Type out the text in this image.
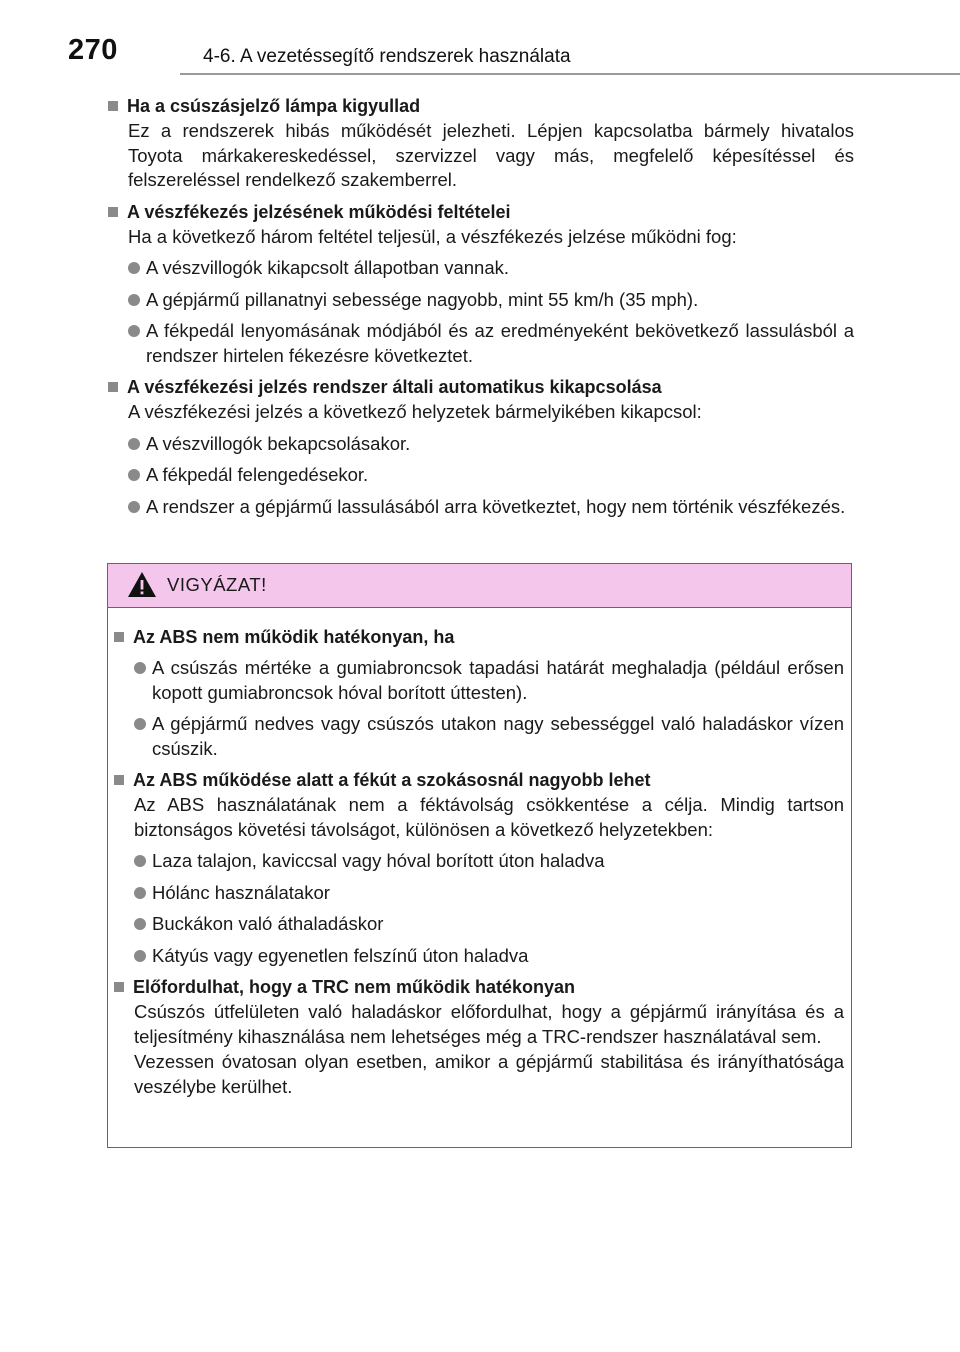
270	4-6. A vezetéssegítő rendszerek használata
Ha a csúszásjelző lámpa kigyullad
Ez a rendszerek hibás működését jelezheti. Lépjen kapcsolatba bármely hivatalos Toyota márkakereskedéssel, szervizzel vagy más, megfelelő képesítéssel és felszereléssel rendelkező szakemberrel.
A vészfékezés jelzésének működési feltételei
Ha a következő három feltétel teljesül, a vészfékezés jelzése működni fog:
A vészvillogók kikapcsolt állapotban vannak.
A gépjármű pillanatnyi sebessége nagyobb, mint 55 km/h (35 mph).
A fékpedál lenyomásának módjából és az eredményeként bekövetkező lassulásból a rendszer hirtelen fékezésre következtet.
A vészfékezési jelzés rendszer általi automatikus kikapcsolása
A vészfékezési jelzés a következő helyzetek bármelyikében kikapcsol:
A vészvillogók bekapcsolásakor.
A fékpedál felengedésekor.
A rendszer a gépjármű lassulásából arra következtet, hogy nem történik vészfékezés.
VIGYÁZAT!
Az ABS nem működik hatékonyan, ha
A csúszás mértéke a gumiabroncsok tapadási határát meghaladja (például erősen kopott gumiabroncsok hóval borított úttesten).
A gépjármű nedves vagy csúszós utakon nagy sebességgel való haladáskor vízen csúszik.
Az ABS működése alatt a fékút a szokásosnál nagyobb lehet
Az ABS használatának nem a féktávolság csökkentése a célja. Mindig tartson biztonságos követési távolságot, különösen a következő helyzetekben:
Laza talajon, kaviccsal vagy hóval borított úton haladva
Hólánc használatakor
Buckákon való áthaladáskor
Kátyús vagy egyenetlen felszínű úton haladva
Előfordulhat, hogy a TRC nem működik hatékonyan
Csúszós útfelületen való haladáskor előfordulhat, hogy a gépjármű irányítása és a teljesítmény kihasználása nem lehetséges még a TRC-rendszer használatával sem.
Vezessen óvatosan olyan esetben, amikor a gépjármű stabilitása és irányíthatósága veszélybe kerülhet.
